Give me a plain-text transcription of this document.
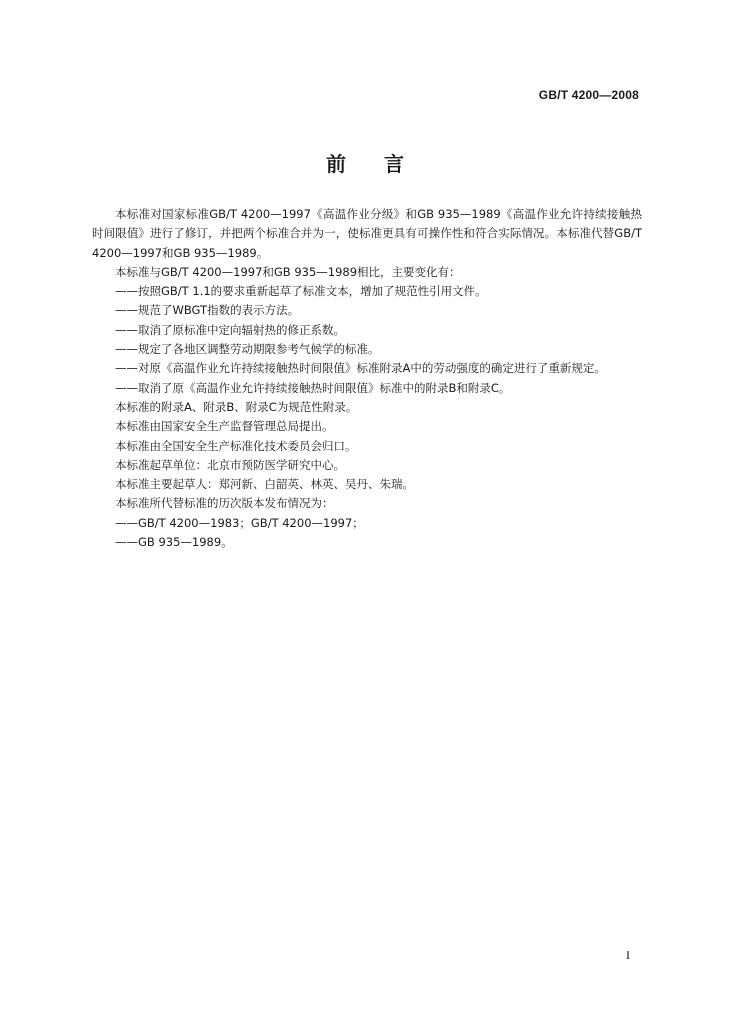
GB/T 4200—2008
前言

本标准对国家标准GB/T 4200—1997《高温作业分级》和GB 935—1989《高温作业允许持续接触热时间限值》进行了修订，并把两个标准合并为一，使标准更具有可操作性和符合实际情况。本标准代替GB/T 4200—1997和GB 935—1989。

本标准与GB/T 4200—1997和GB 935—1989相比，主要变化有：

——按照GB/T 1.1的要求重新起草了标准文本，增加了规范性引用文件。

——规范了WBGT指数的表示方法。

——取消了原标准中定向辐射热的修正系数。

——规定了各地区调整劳动期限参考气候学的标准。

——对原《高温作业允许持续接触热时间限值》标准附录A中的劳动强度的确定进行了重新规定。

——取消了原《高温作业允许持续接触热时间限值》标准中的附录B和附录C。

本标准的附录A、附录B、附录C为规范性附录。

本标准由国家安全生产监督管理总局提出。

本标准由全国安全生产标准化技术委员会归口。

本标准起草单位：北京市预防医学研究中心。

本标准主要起草人：郑河新、白韶英、林英、吴丹、朱瑞。

本标准所代替标准的历次版本发布情况为：

——GB/T 4200—1983；GB/T 4200—1997；

——GB 935—1989。

I
